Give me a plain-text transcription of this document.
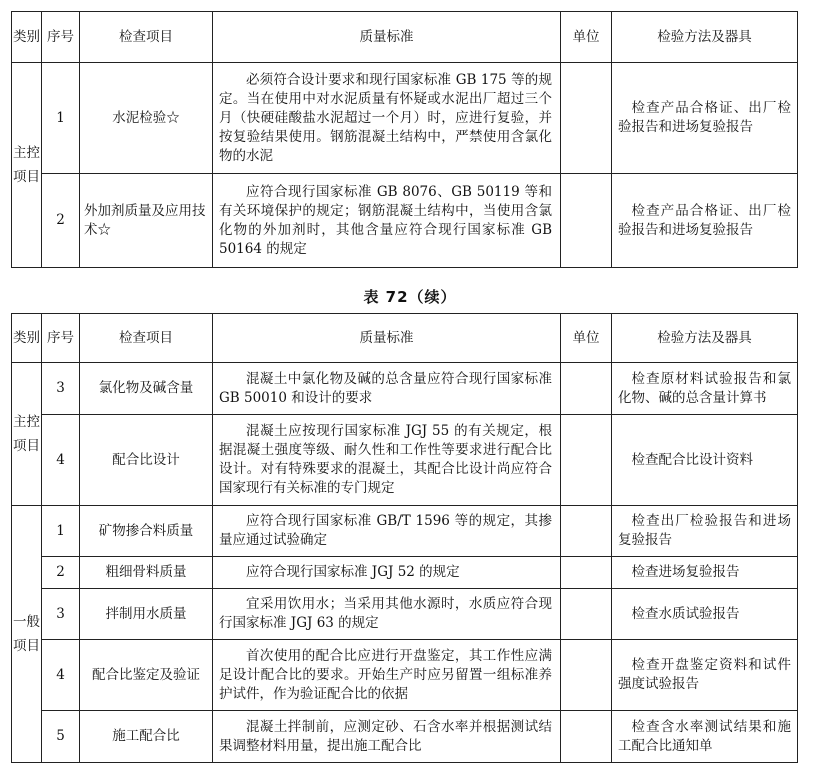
类别	序号	检查项目	质量标准	单位	检验方法及器具
主控项目	1	水泥检验☆	必须符合设计要求和现行国家标准 GB 175 等的规定。当在使用中对水泥质量有怀疑或水泥出厂超过三个月（快硬硅酸盐水泥超过一个月）时，应进行复验，并按复验结果使用。钢筋混凝土结构中，严禁使用含氯化物的水泥		检查产品合格证、出厂检验报告和进场复验报告
	2	外加剂质量及应用技术☆	应符合现行国家标准 GB 8076、GB 50119 等和有关环境保护的规定；钢筋混凝土结构中，当使用含氯化物的外加剂时，其他含量应符合现行国家标准 GB 50164 的规定		检查产品合格证、出厂检验报告和进场复验报告
表 72（续）
类别	序号	检查项目	质量标准	单位	检验方法及器具
主控项目	3	氯化物及碱含量	混凝土中氯化物及碱的总含量应符合现行国家标准 GB 50010 和设计的要求		检查原材料试验报告和氯化物、碱的总含量计算书
	4	配合比设计	混凝土应按现行国家标准 JGJ 55 的有关规定，根据混凝土强度等级、耐久性和工作性等要求进行配合比设计。对有特殊要求的混凝土，其配合比设计尚应符合国家现行有关标准的专门规定		检查配合比设计资料
一般项目	1	矿物掺合料质量	应符合现行国家标准 GB/T 1596 等的规定，其掺量应通过试验确定		检查出厂检验报告和进场复验报告
	2	粗细骨料质量	应符合现行国家标准 JGJ 52 的规定		检查进场复验报告
	3	拌制用水质量	宜采用饮用水；当采用其他水源时，水质应符合现行国家标准 JGJ 63 的规定		检查水质试验报告
	4	配合比鉴定及验证	首次使用的配合比应进行开盘鉴定，其工作性应满足设计配合比的要求。开始生产时应另留置一组标准养护试件，作为验证配合比的依据		检查开盘鉴定资料和试件强度试验报告
	5	施工配合比	混凝土拌制前，应测定砂、石含水率并根据测试结果调整材料用量，提出施工配合比		检查含水率测试结果和施工配合比通知单
